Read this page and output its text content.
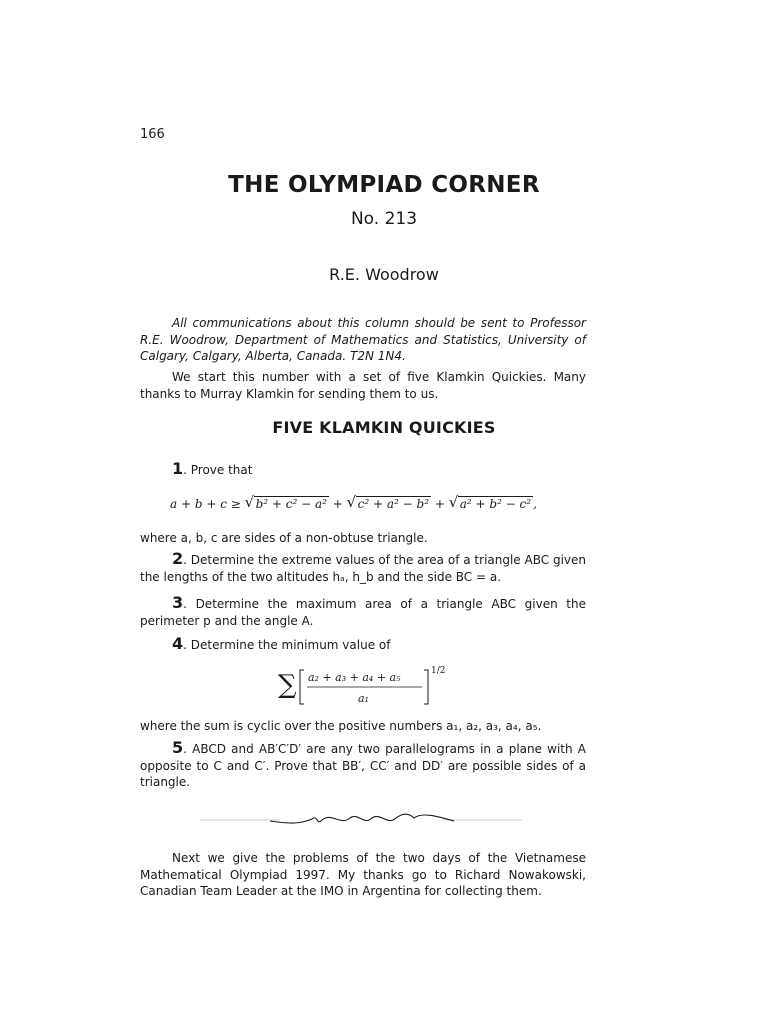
166
THE OLYMPIAD CORNER
No. 213
R.E. Woodrow
All communications about this column should be sent to Professor R.E. Woodrow, Department of Mathematics and Statistics, University of Calgary, Calgary, Alberta, Canada. T2N 1N4.
We start this number with a set of five Klamkin Quickies. Many thanks to Murray Klamkin for sending them to us.
FIVE KLAMKIN QUICKIES
1. Prove that
a + b + c ≥ √ b² + c² − a² + √ c² + a² − b² + √ a² + b² − c² ,
where a, b, c are sides of a non-obtuse triangle.
2. Determine the extreme values of the area of a triangle ABC given the lengths of the two altitudes hₐ, h_b and the side BC = a.
3. Determine the maximum area of a triangle ABC given the perimeter p and the angle A.
4. Determine the minimum value of
∑ a₂ + a₃ + a₄ + a₅
a₁
1/2
where the sum is cyclic over the positive numbers a₁, a₂, a₃, a₄, a₅.
5. ABCD and AB′C′D′ are any two parallelograms in a plane with A opposite to C and C′. Prove that BB′, CC′ and DD′ are possible sides of a triangle.
Next we give the problems of the two days of the Vietnamese Mathematical Olympiad 1997. My thanks go to Richard Nowakowski, Canadian Team Leader at the IMO in Argentina for collecting them.
